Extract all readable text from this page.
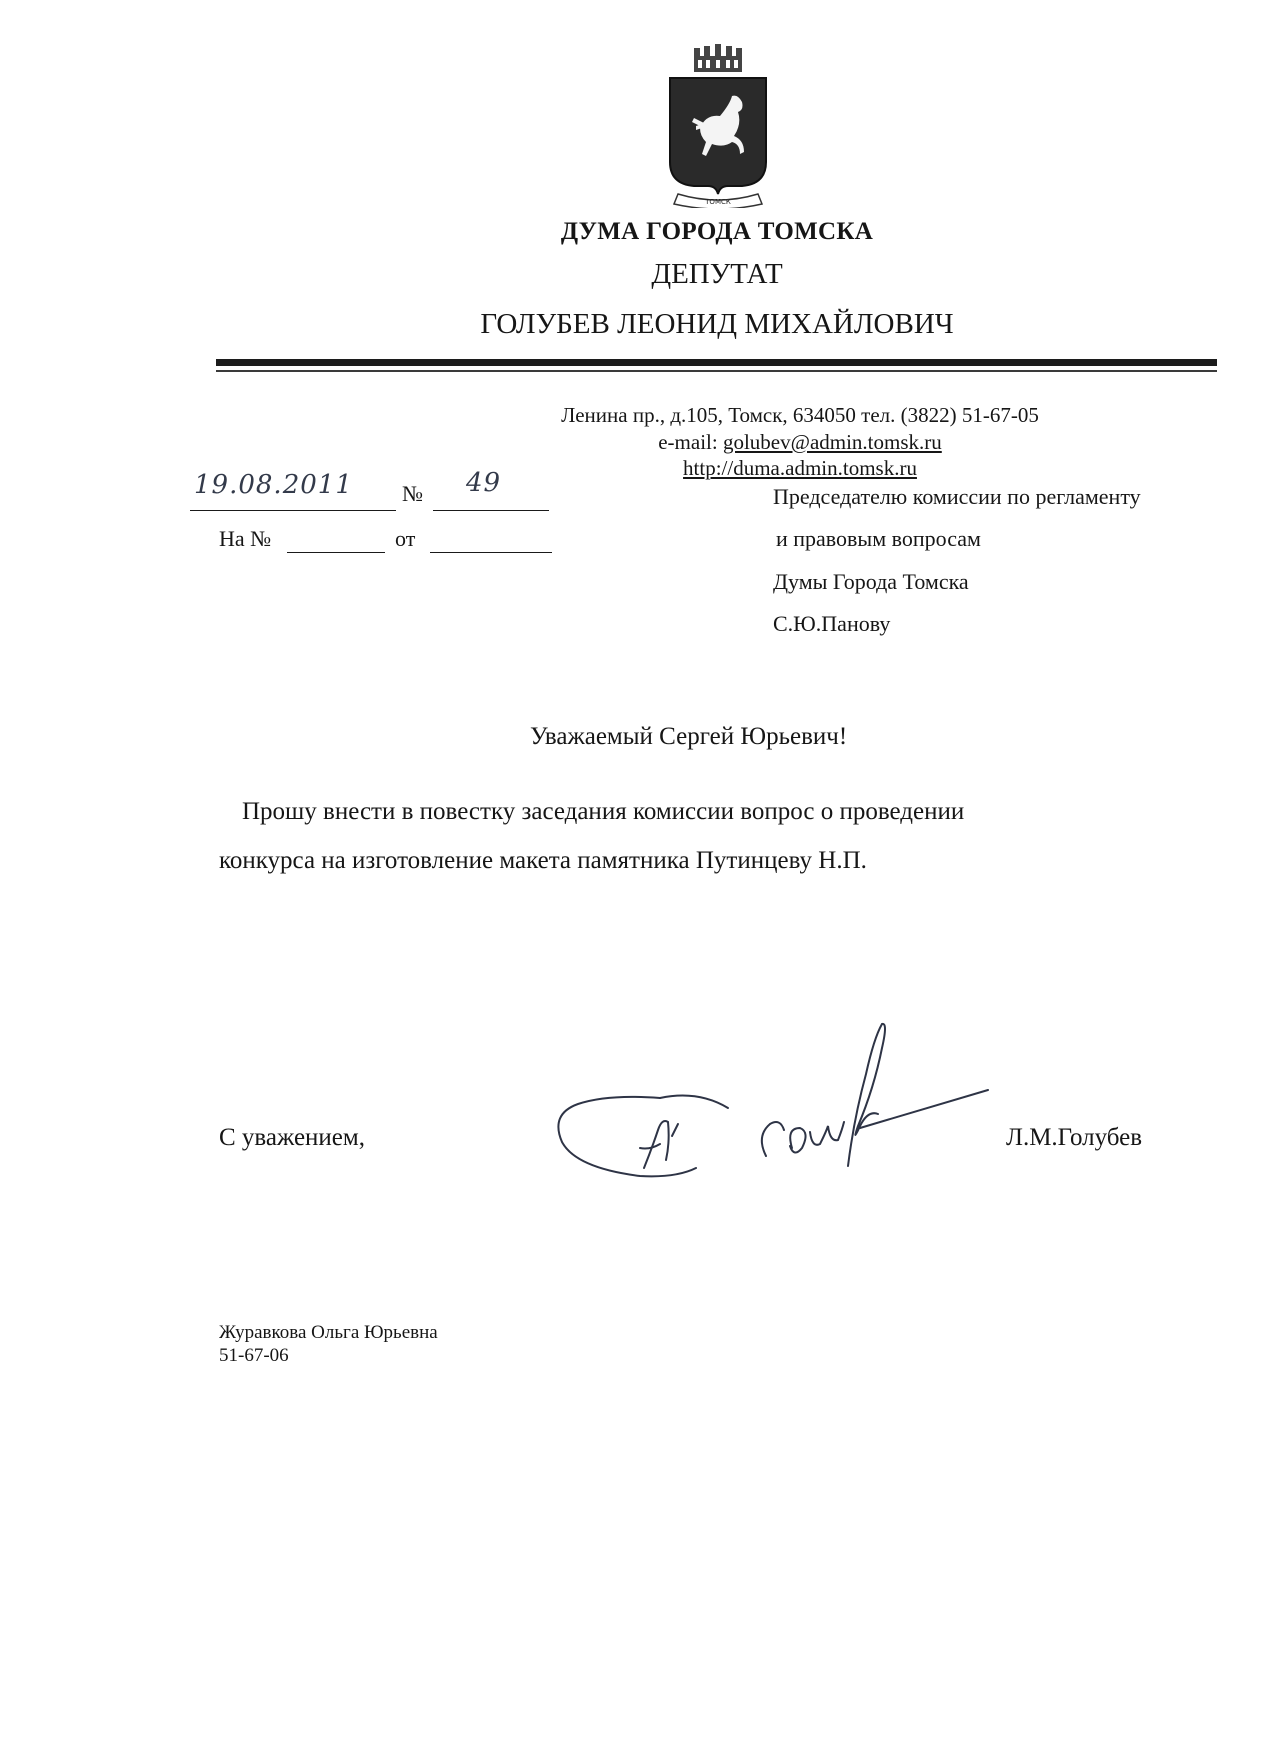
ТОМСК
ДУМА ГОРОДА ТОМСКА
ДЕПУТАТ
ГОЛУБЕВ ЛЕОНИД МИХАЙЛОВИЧ
Ленина пр., д.105, Томск, 634050 тел. (3822) 51-67-05
e-mail: golubev@admin.tomsk.ru
http://duma.admin.tomsk.ru
19.08.2011 № 49
На №	от
Председателю комиссии по регламенту
и правовым вопросам
Думы Города Томска
С.Ю.Панову
Уважаемый Сергей Юрьевич!
Прошу внести в повестку заседания комиссии вопрос о проведении
конкурса на изготовление макета памятника Путинцеву Н.П.
С уважением,	Л.М.Голубев
Журавкова Ольга Юрьевна
51-67-06
